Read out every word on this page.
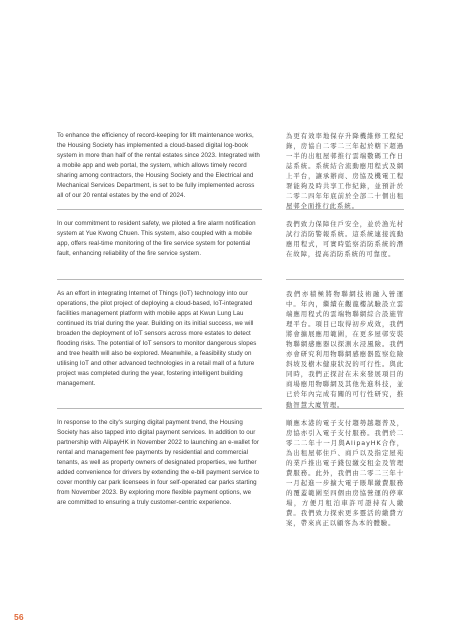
To enhance the efficiency of record-keeping for lift maintenance works, the Housing Society has implemented a cloud-based digital log-book system in more than half of the rental estates since 2023. Integrated with a mobile app and web portal, the system, which allows timely record sharing among contractors, the Housing Society and the Electrical and Mechanical Services Department, is set to be fully implemented across all of our 20 rental estates by the end of 2024.

In our commitment to resident safety, we piloted a fire alarm notification system at Yue Kwong Chuen. This system, also coupled with a mobile app, offers real-time monitoring of the fire service system for potential fault, enhancing reliability of the fire service system.

As an effort in integrating Internet of Things (IoT) technology into our operations, the pilot project of deploying a cloud-based, IoT-integrated facilities management platform with mobile apps at Kwun Lung Lau continued its trial during the year. Building on its initial success, we will broaden the deployment of IoT sensors across more estates to detect flooding risks. The potential of IoT sensors to monitor dangerous slopes and tree health will also be explored. Meanwhile, a feasibility study on utilising IoT and other advanced technologies in a retail mall of a future project was completed during the year, fostering intelligent building management.

In response to the city's surging digital payment trend, the Housing Society has also tapped into digital payment services. In addition to our partnership with AlipayHK in November 2022 to launching an e-wallet for rental and management fee payments by residential and commercial tenants, as well as property owners of designated properties, we further added convenience for drivers by extending the e-bill payment service to cover monthly car park licensees in four self-operated car parks starting from November 2023. By exploring more flexible payment options, we are committed to ensuring a truly customer-centric experience.

為更有效率地保存升降機維修工程紀錄，房協自二零二三年起於轄下超過一半的出租屋邨推行雲端數碼工作日誌系統。系統結合流動應用程式及網上平台，讓承辦商、房協及機電工程署能夠及時共享工作紀錄，並預計於二零二四年年底前於全部二十個出租屋邨全面推行此系統。

我們致力保障住戶安全，並於漁光村試行消防警報系統。這系統連接流動應用程式，可實時監察消防系統的潛在故障，提高消防系統的可靠度。

我們亦積極將物聯網技術融入營運中。年內，繼續在觀龍樓試驗設立雲端應用程式的雲端物聯網綜合設施管理平台。項目已取得初步成效，我們將會擴展應用範圍，在更多屋邨安裝物聯網感應器以探測水浸風險。我們亦會研究利用物聯網感應器監察危險斜坡及樹木健康狀況的可行性。與此同時，我們正探討在未來發展項目的商場應用物聯網及其他先進科技，並已於年內完成有關的可行性研究，推動智慧大廈管理。

順應本港的電子支付趨勢越趨普及，房協亦引入電子支付服務。我們於二零二二年十一月與AlipayHK合作，為出租屋邨住戶、商戶以及指定屋苑的業戶推出電子錢包繳交租金及管理費服務。此外，我們由二零二三年十一月起進一步擴大電子賬單繳費服務的覆蓋範圍至四個由房協營運的停車場，方便月租泊車許可證持有人繳費。我們致力探索更多靈活的繳費方案，帶來真正以顧客為本的體驗。

56
